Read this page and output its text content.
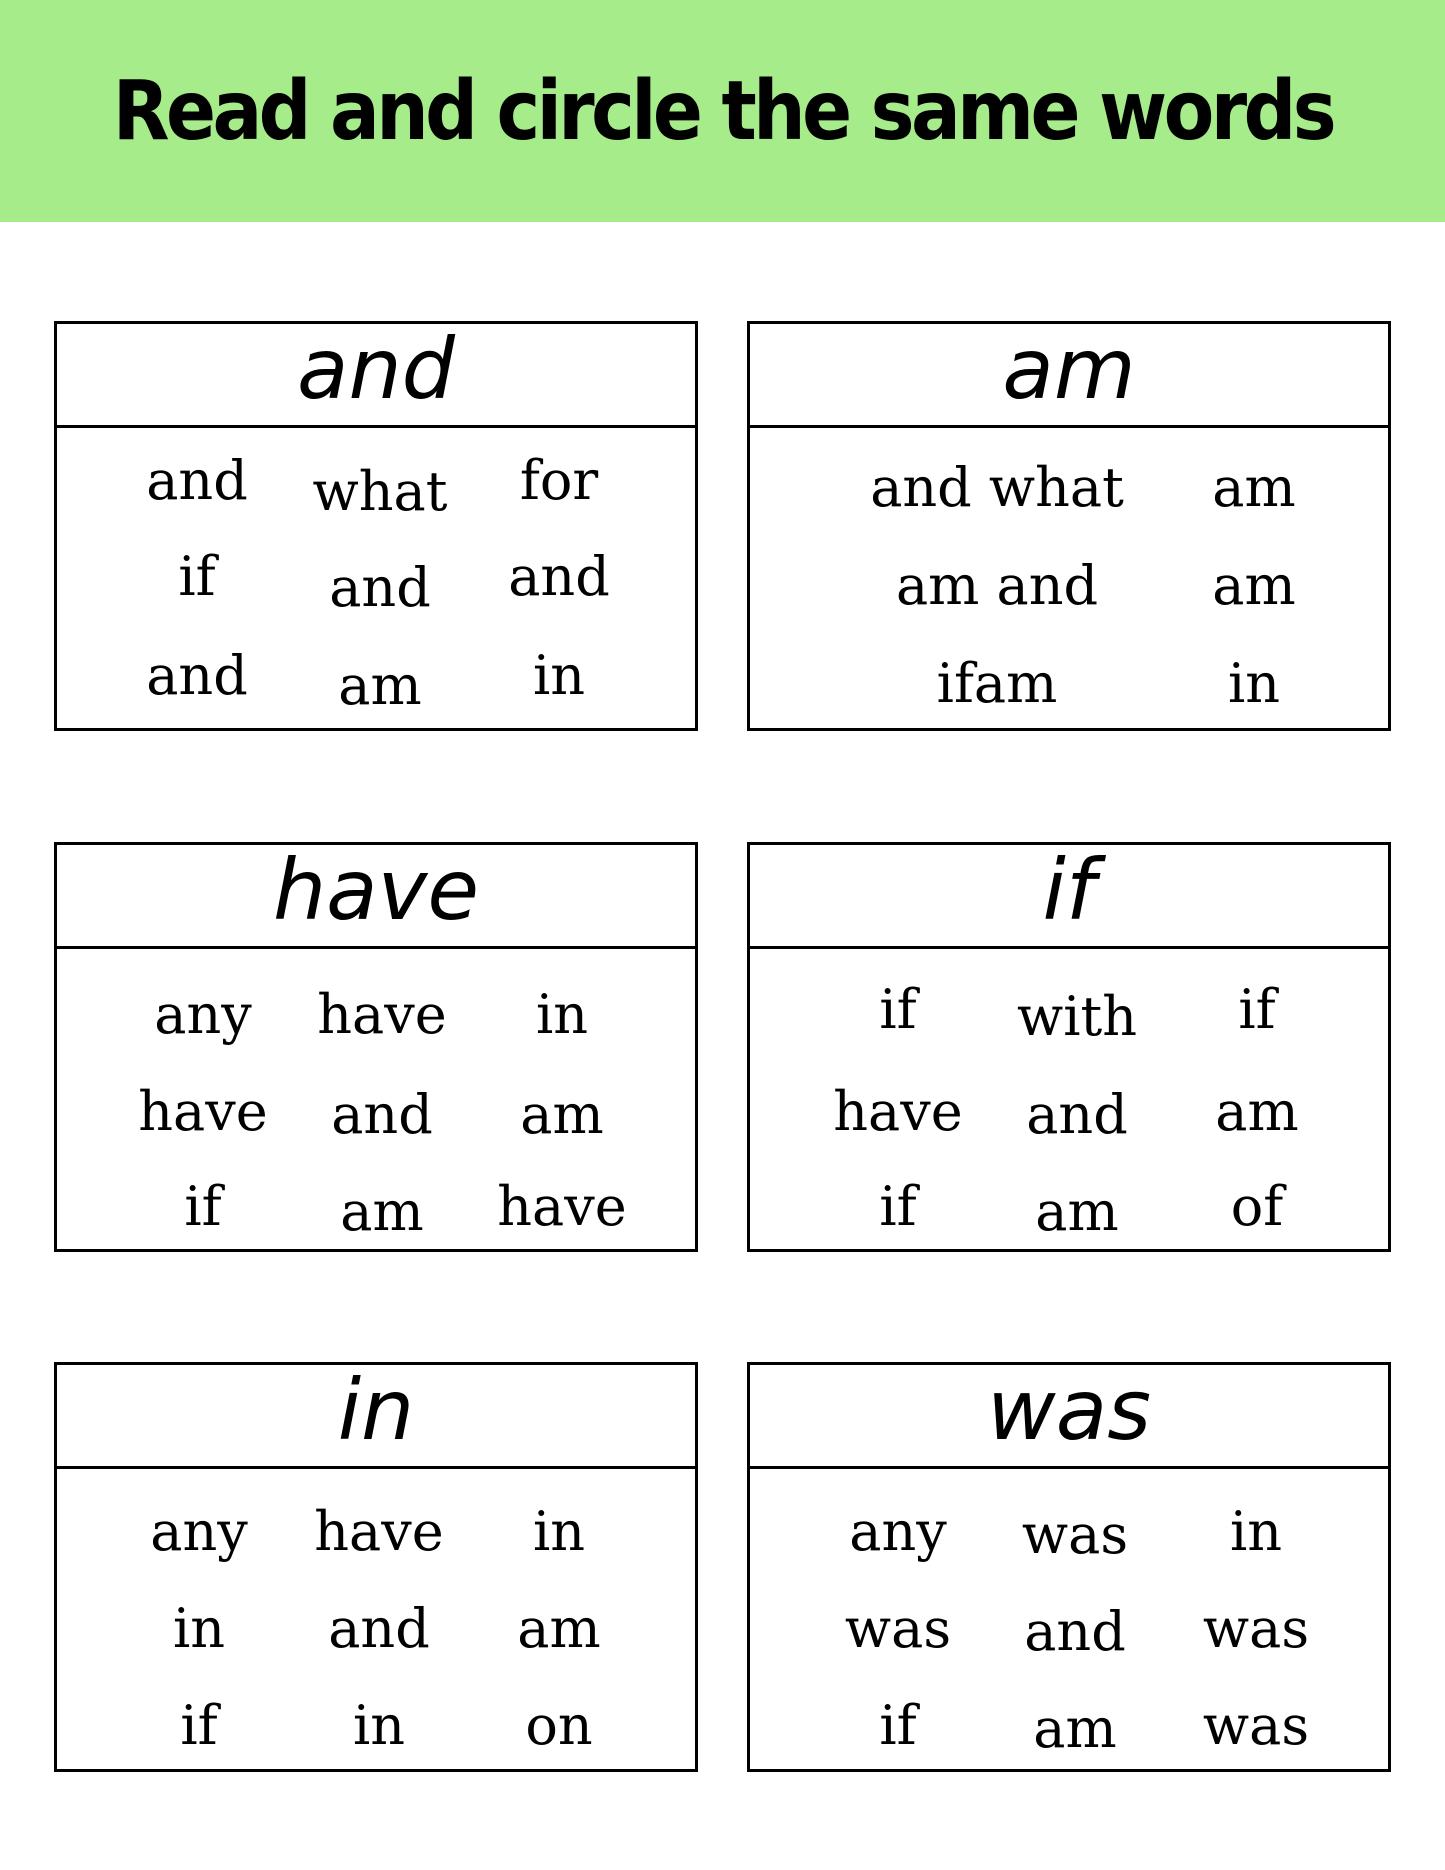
Read and circle the same words
and
and what for
if and and
and am in
am
and what am
am and am
ifam	in
have
any have in
have and am
if am have
if
if with if
have and am
if am of
in
any have in
in and am
if	in on
was
any was in
was and was
if am was
